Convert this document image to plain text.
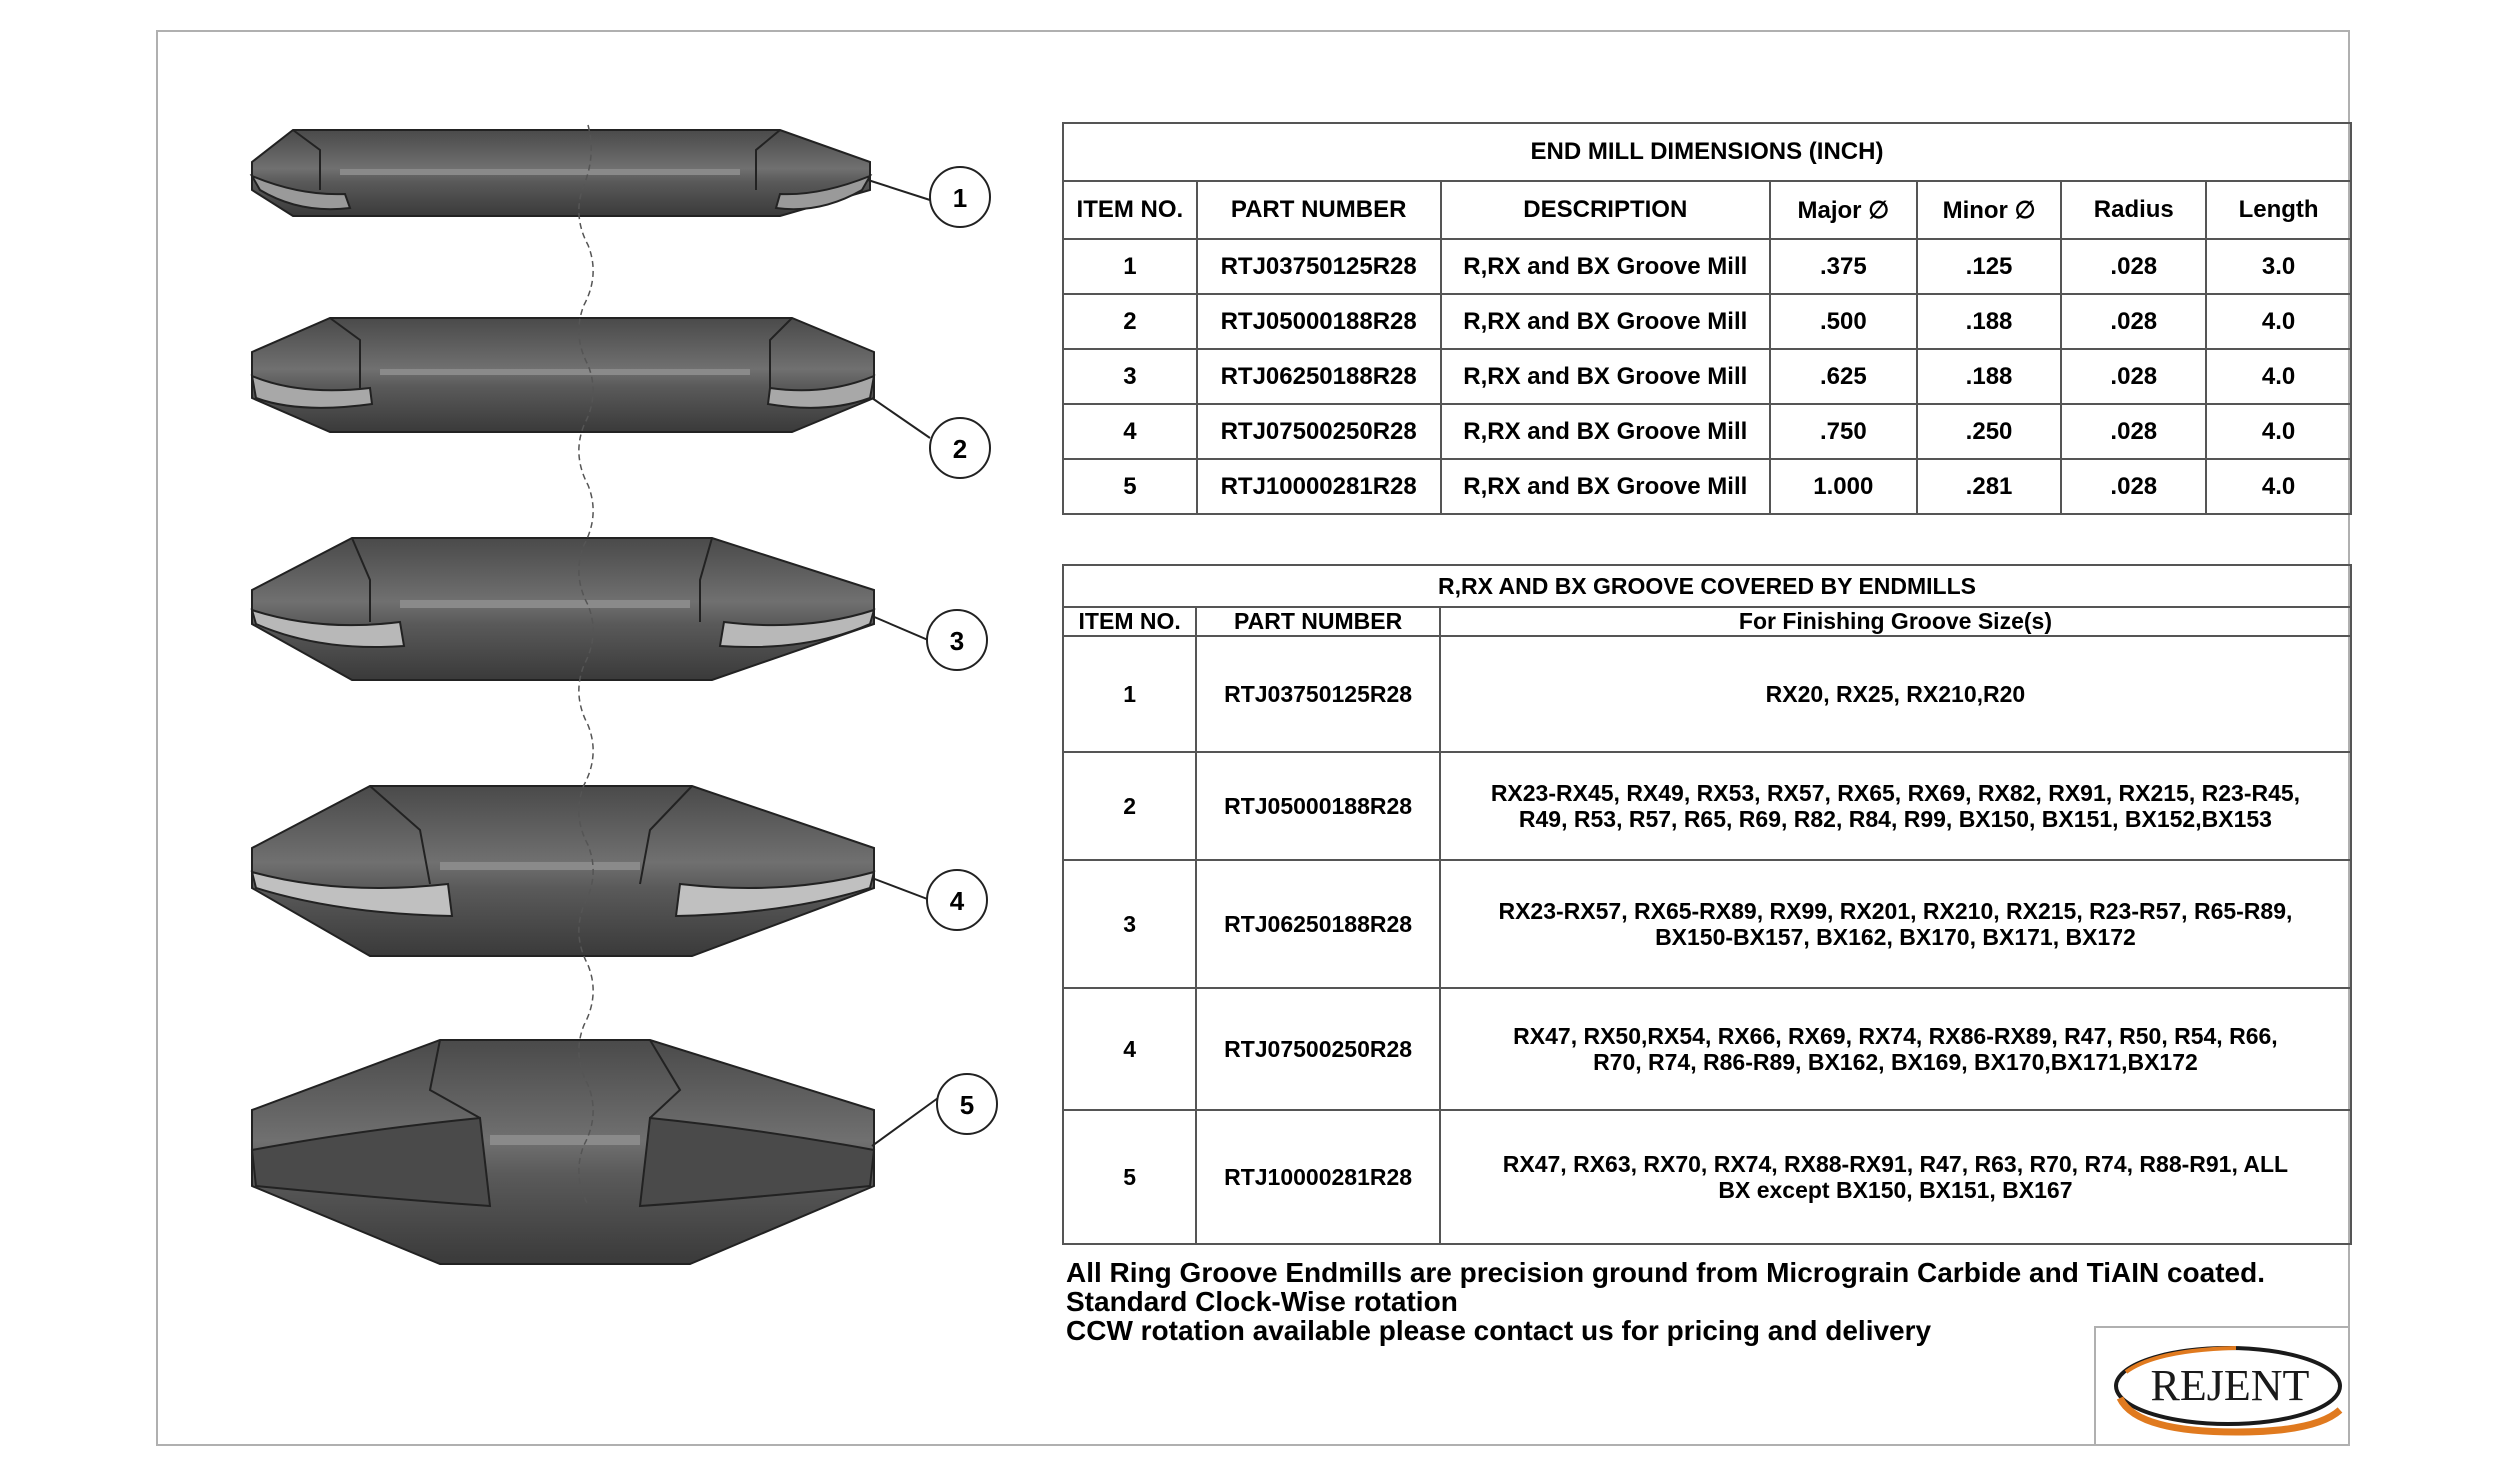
1
2
3
4
5
END MILL DIMENSIONS (INCH)						
ITEM NO.	PART NUMBER	DESCRIPTION	Major ∅	Minor ∅	Radius	Length
1	RTJ03750125R28	R,RX and BX Groove Mill	.375	.125	.028	3.0
2	RTJ05000188R28	R,RX and BX Groove Mill	.500	.188	.028	4.0
3	RTJ06250188R28	R,RX and BX Groove Mill	.625	.188	.028	4.0
4	RTJ07500250R28	R,RX and BX Groove Mill	.750	.250	.028	4.0
5	RTJ10000281R28	R,RX and BX Groove Mill	1.000	.281	.028	4.0
R,RX AND BX GROOVE COVERED BY ENDMILLS		
ITEM NO.	PART NUMBER	For Finishing Groove Size(s)
1	RTJ03750125R28	RX20, RX25, RX210,R20

2	RTJ05000188R28	RX23-RX45, RX49, RX53, RX57, RX65, RX69, RX82, RX91, RX215, R23-R45,
R49, R53, R57, R65, R69, R82, R84, R99, BX150, BX151, BX152,BX153

3	RTJ06250188R28	RX23-RX57, RX65-RX89, RX99, RX201, RX210, RX215, R23-R57, R65-R89,
BX150-BX157, BX162, BX170, BX171, BX172

4	RTJ07500250R28	RX47, RX50,RX54, RX66, RX69, RX74, RX86-RX89, R47, R50, R54, R66,
R70, R74, R86-R89, BX162, BX169, BX170,BX171,BX172

5	RTJ10000281R28	RX47, RX63, RX70, RX74, RX88-RX91, R47, R63, R70, R74, R88-R91, ALL
BX except BX150, BX151, BX167
All Ring Groove Endmills are precision ground from Micrograin Carbide and TiAIN coated.
Standard Clock-Wise rotation
CCW rotation available please contact us for pricing and delivery
REJENT
